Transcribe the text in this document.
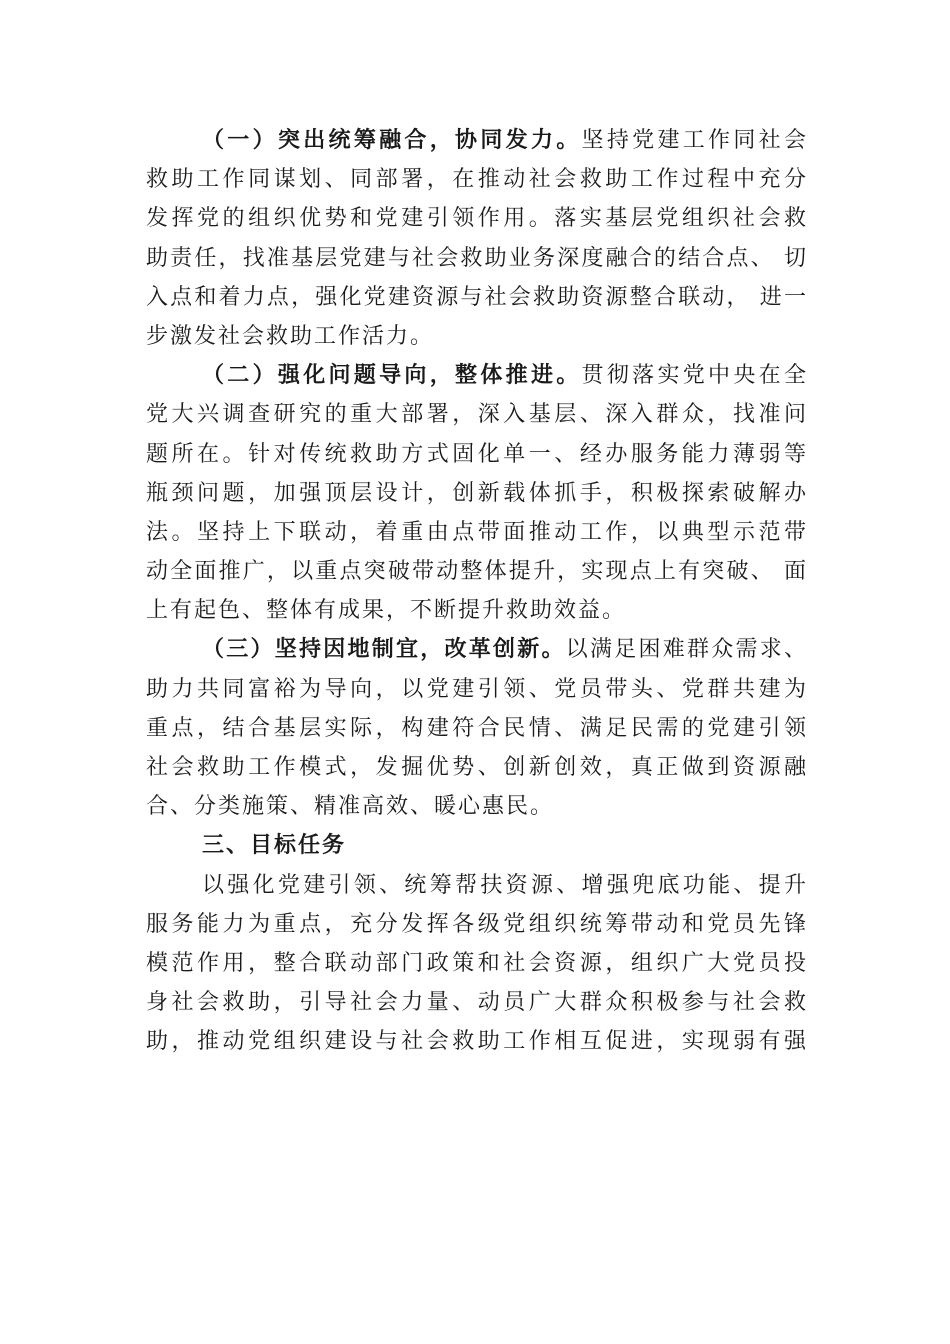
（一）突出统筹融合，协同发力。坚持党建工作同社会
救助工作同谋划、同部署，在推动社会救助工作过程中充分
发挥党的组织优势和党建引领作用。落实基层党组织社会救
助责任，找准基层党建与社会救助业务深度融合的结合点、 切
入点和着力点，强化党建资源与社会救助资源整合联动， 进一
步激发社会救助工作活力。
（二）强化问题导向，整体推进。贯彻落实党中央在全
党大兴调查研究的重大部署，深入基层、深入群众，找准问
题所在。针对传统救助方式固化单一、经办服务能力薄弱等
瓶颈问题，加强顶层设计，创新载体抓手，积极探索破解办
法。坚持上下联动，着重由点带面推动工作，以典型示范带
动全面推广，以重点突破带动整体提升，实现点上有突破、 面
上有起色、整体有成果，不断提升救助效益。
（三）坚持因地制宜，改革创新。以满足困难群众需求、
助力共同富裕为导向，以党建引领、党员带头、党群共建为
重点，结合基层实际，构建符合民情、满足民需的党建引领
社会救助工作模式，发掘优势、创新创效，真正做到资源融
合、分类施策、精准高效、暖心惠民。
三、目标任务
以强化党建引领、统筹帮扶资源、增强兜底功能、提升
服务能力为重点，充分发挥各级党组织统筹带动和党员先锋
模范作用，整合联动部门政策和社会资源，组织广大党员投
身社会救助，引导社会力量、动员广大群众积极参与社会救
助，推动党组织建设与社会救助工作相互促进，实现弱有强
